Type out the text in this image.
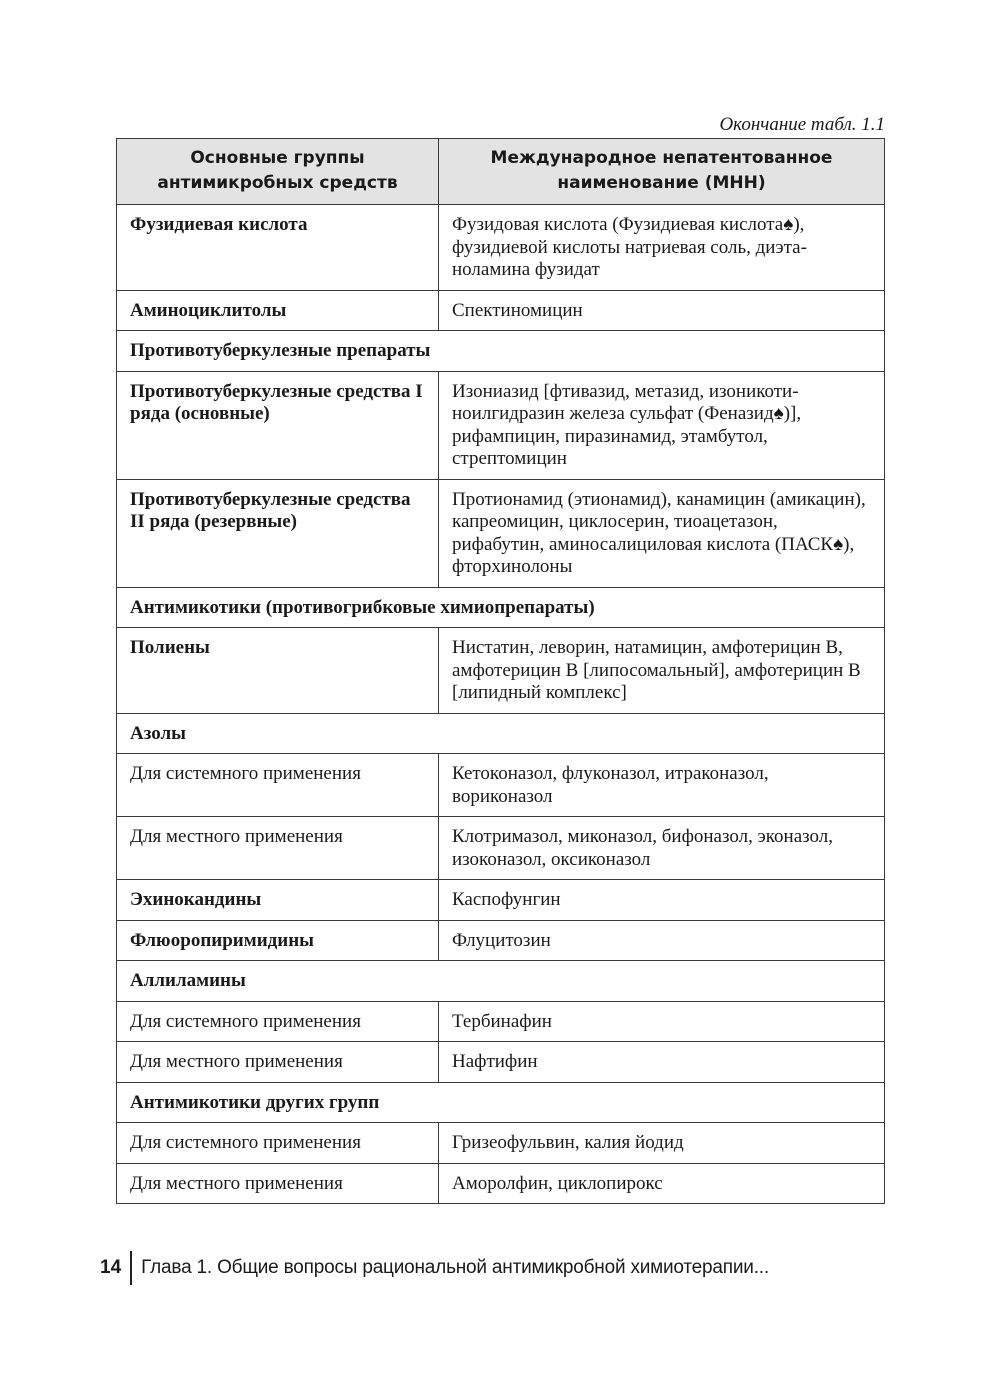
Окончание табл. 1.1
Основные группы антимикробных средств	Международное непатентованное наименование (МНН)
Фузидиевая кислота	Фузидовая кислота (Фузидиевая кислота♠), фузидиевой кислоты натриевая соль, диэтаноламина фузидат
Аминоциклитолы	Спектиномицин
Противотуберкулезные препараты	
Противотуберкулезные средства I ряда (основные)	Изониазид [фтивазид, метазид, изоникотиноилгидразин железа сульфат (Феназид♠)], рифампицин, пиразинамид, этамбутол, стрептомицин
Противотуберкулезные средства II ряда (резервные)	Протионамид (этионамид), канамицин (амикацин), капреомицин, циклосерин, тиоацетазон, рифабутин, аминосалициловая кислота (ПАСК♠), фторхинолоны
Антимикотики (противогрибковые химиопрепараты)	
Полиены	Нистатин, леворин, натамицин, амфотерицин В, амфотерицин В [липосомальный], амфотерицин В [липидный комплекс]
Азолы	
Для системного применения	Кетоконазол, флуконазол, итраконазол, вориконазол
Для местного применения	Клотримазол, миконазол, бифоназол, эконазол, изоконазол, оксиконазол
Эхинокандины	Каспофунгин
Флюоропиримидины	Флуцитозин
Аллиламины	
Для системного применения	Тербинафин
Для местного применения	Нафтифин
Антимикотики других групп	
Для системного применения	Гризеофульвин, калия йодид
Для местного применения	Аморолфин, циклопирокс
14 Глава 1. Общие вопросы рациональной антимикробной химиотерапии...
